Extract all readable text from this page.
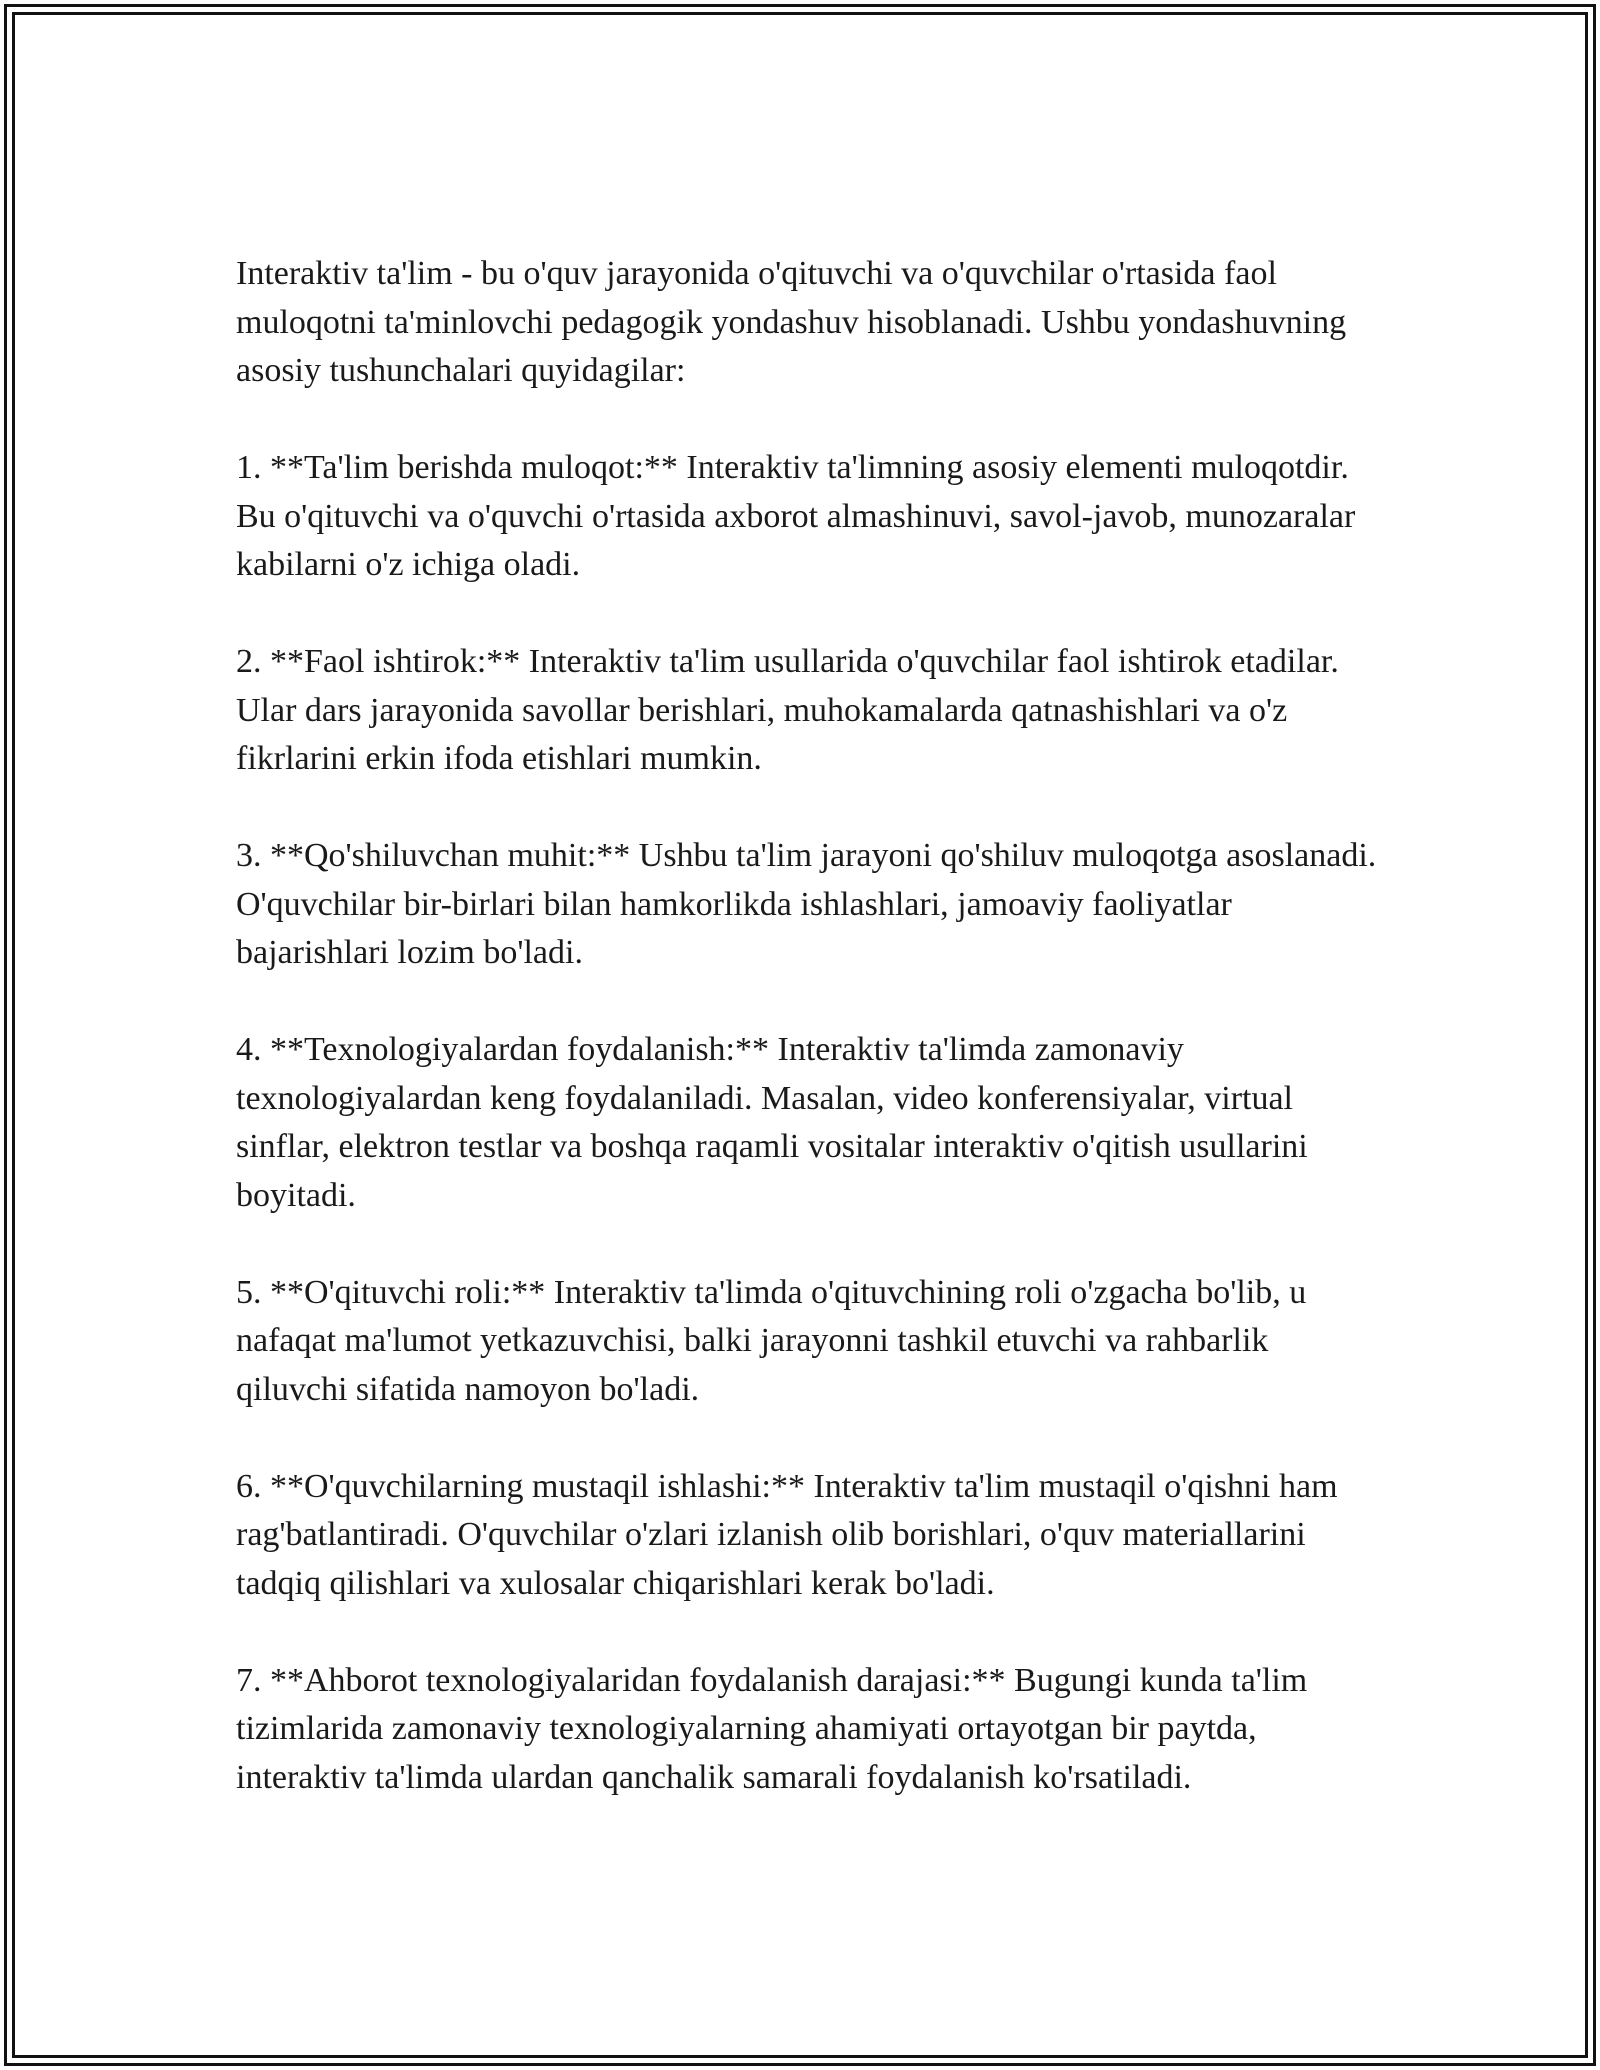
Interaktiv ta'lim - bu o'quv jarayonida o'qituvchi va o'quvchilar o'rtasida faol muloqotni ta'minlovchi pedagogik yondashuv hisoblanadi. Ushbu yondashuvning asosiy tushunchalari quyidagilar:

1. **Ta'lim berishda muloqot:** Interaktiv ta'limning asosiy elementi muloqotdir. Bu o'qituvchi va o'quvchi o'rtasida axborot almashinuvi, savol-javob, munozaralar kabilarni o'z ichiga oladi.

2. **Faol ishtirok:** Interaktiv ta'lim usullarida o'quvchilar faol ishtirok etadilar. Ular dars jarayonida savollar berishlari, muhokamalarda qatnashishlari va o'z fikrlarini erkin ifoda etishlari mumkin.

3. **Qo'shiluvchan muhit:** Ushbu ta'lim jarayoni qo'shiluv muloqotga asoslanadi. O'quvchilar bir-birlari bilan hamkorlikda ishlashlari, jamoaviy faoliyatlar bajarishlari lozim bo'ladi.

4. **Texnologiyalardan foydalanish:** Interaktiv ta'limda zamonaviy texnologiyalardan keng foydalaniladi. Masalan, video konferensiyalar, virtual sinflar, elektron testlar va boshqa raqamli vositalar interaktiv o'qitish usullarini boyitadi.

5. **O'qituvchi roli:** Interaktiv ta'limda o'qituvchining roli o'zgacha bo'lib, u nafaqat ma'lumot yetkazuvchisi, balki jarayonni tashkil etuvchi va rahbarlik qiluvchi sifatida namoyon bo'ladi.

6. **O'quvchilarning mustaqil ishlashi:** Interaktiv ta'lim mustaqil o'qishni ham rag'batlantiradi. O'quvchilar o'zlari izlanish olib borishlari, o'quv materiallarini tadqiq qilishlari va xulosalar chiqarishlari kerak bo'ladi.

7. **Ahborot texnologiyalaridan foydalanish darajasi:** Bugungi kunda ta'lim tizimlarida zamonaviy texnologiyalarning ahamiyati ortayotgan bir paytda, interaktiv ta'limda ulardan qanchalik samarali foydalanish ko'rsatiladi.
